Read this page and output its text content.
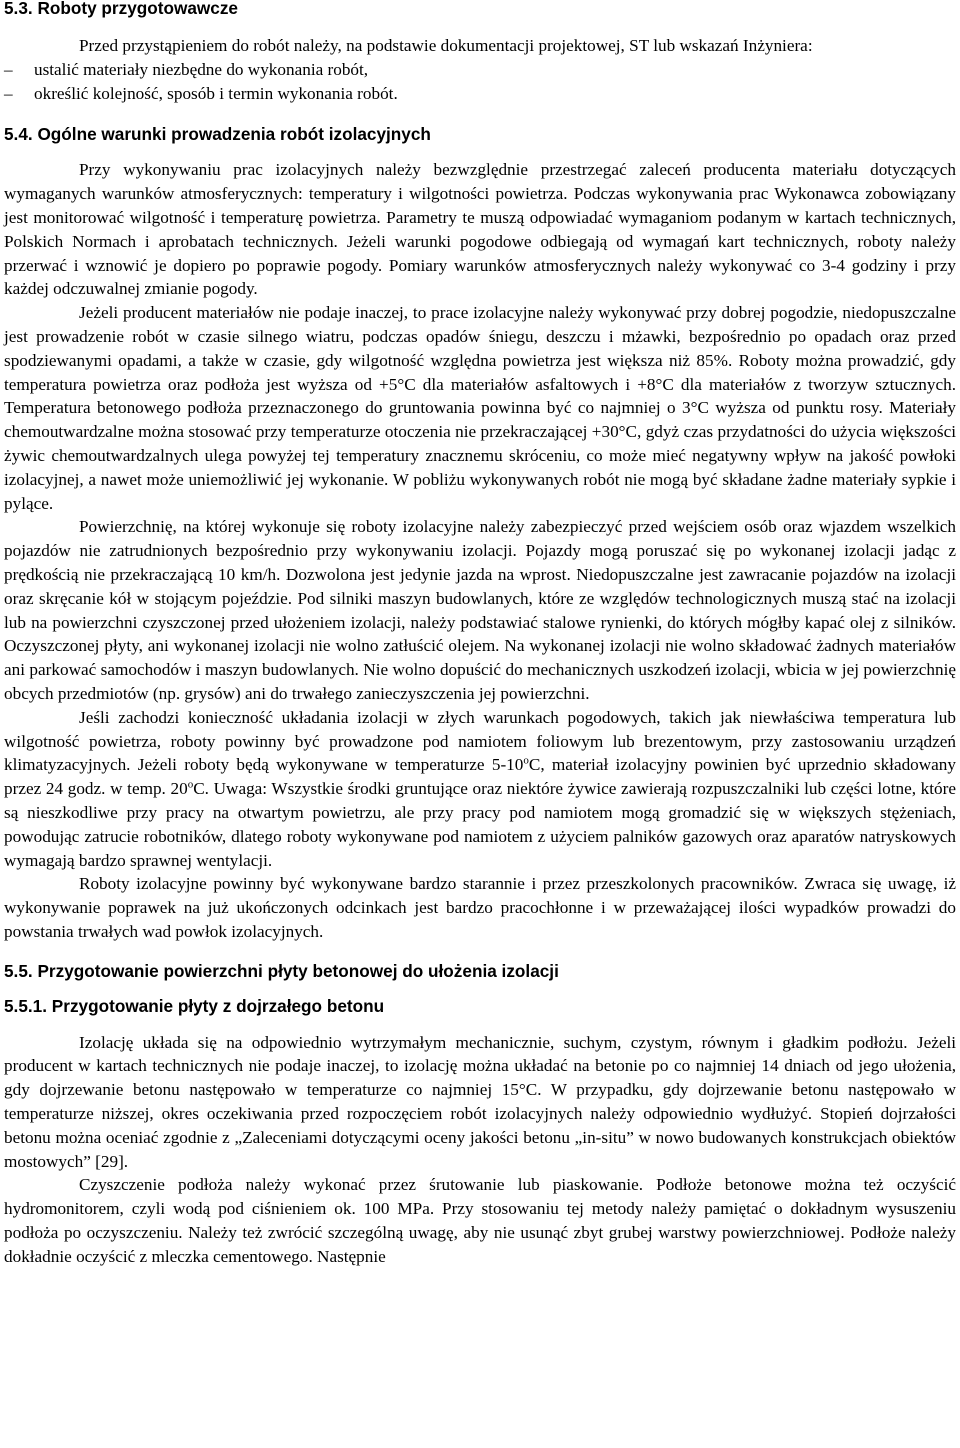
5.3. Roboty przygotowawcze

Przed przystąpieniem do robót należy, na podstawie dokumentacji projektowej, ST lub wskazań Inżyniera:

– ustalić materiały niezbędne do wykonania robót,

– określić kolejność, sposób i termin wykonania robót.

5.4. Ogólne warunki prowadzenia robót izolacyjnych

Przy wykonywaniu prac izolacyjnych należy bezwzględnie przestrzegać zaleceń producenta materiału dotyczących wymaganych warunków atmosferycznych: temperatury i wilgotności powietrza. Podczas wykonywania prac Wykonawca zobowiązany jest monitorować wilgotność i temperaturę powietrza. Parametry te muszą odpowiadać wymaganiom podanym w kartach technicznych, Polskich Normach i aprobatach technicznych. Jeżeli warunki pogodowe odbiegają od wymagań kart technicznych, roboty należy przerwać i wznowić je dopiero po poprawie pogody. Pomiary warunków atmosferycznych należy wykonywać co 3-4 godziny i przy każdej odczuwalnej zmianie pogody.

Jeżeli producent materiałów nie podaje inaczej, to prace izolacyjne należy wykonywać przy dobrej pogodzie, niedopuszczalne jest prowadzenie robót w czasie silnego wiatru, podczas opadów śniegu, deszczu i mżawki, bezpośrednio po opadach oraz przed spodziewanymi opadami, a także w czasie, gdy wilgotność względna powietrza jest większa niż 85%. Roboty można prowadzić, gdy temperatura powietrza oraz podłoża jest wyższa od +5°C dla materiałów asfaltowych i +8°C dla materiałów z tworzyw sztucznych. Temperatura betonowego podłoża przeznaczonego do gruntowania powinna być co najmniej o 3°C wyższa od punktu rosy. Materiały chemoutwardzalne można stosować przy temperaturze otoczenia nie przekraczającej +30°C, gdyż czas przydatności do użycia większości żywic chemoutwardzalnych ulega powyżej tej temperatury znacznemu skróceniu, co może mieć negatywny wpływ na jakość powłoki izolacyjnej, a nawet może uniemożliwić jej wykonanie. W pobliżu wykonywanych robót nie mogą być składane żadne materiały sypkie i pylące.

Powierzchnię, na której wykonuje się roboty izolacyjne należy zabezpieczyć przed wejściem osób oraz wjazdem wszelkich pojazdów nie zatrudnionych bezpośrednio przy wykonywaniu izolacji. Pojazdy mogą poruszać się po wykonanej izolacji jadąc z prędkością nie przekraczającą 10 km/h. Dozwolona jest jedynie jazda na wprost. Niedopuszczalne jest zawracanie pojazdów na izolacji oraz skręcanie kół w stojącym pojeździe. Pod silniki maszyn budowlanych, które ze względów technologicznych muszą stać na izolacji lub na powierzchni czyszczonej przed ułożeniem izolacji, należy podstawiać stalowe rynienki, do których mógłby kapać olej z silników. Oczyszczonej płyty, ani wykonanej izolacji nie wolno zatłuścić olejem. Na wykonanej izolacji nie wolno składować żadnych materiałów ani parkować samochodów i maszyn budowlanych. Nie wolno dopuścić do mechanicznych uszkodzeń izolacji, wbicia w jej powierzchnię obcych przedmiotów (np. grysów) ani do trwałego zanieczyszczenia jej powierzchni.

Jeśli zachodzi konieczność układania izolacji w złych warunkach pogodowych, takich jak niewłaściwa temperatura lub wilgotność powietrza, roboty powinny być prowadzone pod namiotem foliowym lub brezentowym, przy zastosowaniu urządzeń klimatyzacyjnych. Jeżeli roboty będą wykonywane w temperaturze 5-10$^o$C, materiał izolacyjny powinien być uprzednio składowany przez 24 godz. w temp. 20$^o$C. Uwaga: Wszystkie środki gruntujące oraz niektóre żywice zawierają rozpuszczalniki lub części lotne, które są nieszkodliwe przy pracy na otwartym powietrzu, ale przy pracy pod namiotem mogą gromadzić się w większych stężeniach, powodując zatrucie robotników, dlatego roboty wykonywane pod namiotem z użyciem palników gazowych oraz aparatów natryskowych wymagają bardzo sprawnej wentylacji.

Roboty izolacyjne powinny być wykonywane bardzo starannie i przez przeszkolonych pracowników. Zwraca się uwagę, iż wykonywanie poprawek na już ukończonych odcinkach jest bardzo pracochłonne i w przeważającej ilości wypadków prowadzi do powstania trwałych wad powłok izolacyjnych.

5.5. Przygotowanie powierzchni płyty betonowej do ułożenia izolacji
5.5.1. Przygotowanie płyty z dojrzałego betonu

Izolację układa się na odpowiednio wytrzymałym mechanicznie, suchym, czystym, równym i gładkim podłożu. Jeżeli producent w kartach technicznych nie podaje inaczej, to izolację można układać na betonie po co najmniej 14 dniach od jego ułożenia, gdy dojrzewanie betonu następowało w temperaturze co najmniej 15°C. W przypadku, gdy dojrzewanie betonu następowało w temperaturze niższej, okres oczekiwania przed rozpoczęciem robót izolacyjnych należy odpowiednio wydłużyć. Stopień dojrzałości betonu można oceniać zgodnie z „Zaleceniami dotyczącymi oceny jakości betonu „in-situ” w nowo budowanych konstrukcjach obiektów mostowych” [29].

Czyszczenie podłoża należy wykonać przez śrutowanie lub piaskowanie. Podłoże betonowe można też oczyścić hydromonitorem, czyli wodą pod ciśnieniem ok. 100 MPa. Przy stosowaniu tej metody należy pamiętać o dokładnym wysuszeniu podłoża po oczyszczeniu. Należy też zwrócić szczególną uwagę, aby nie usunąć zbyt grubej warstwy powierzchniowej. Podłoże należy dokładnie oczyścić z mleczka cementowego. Następnie
